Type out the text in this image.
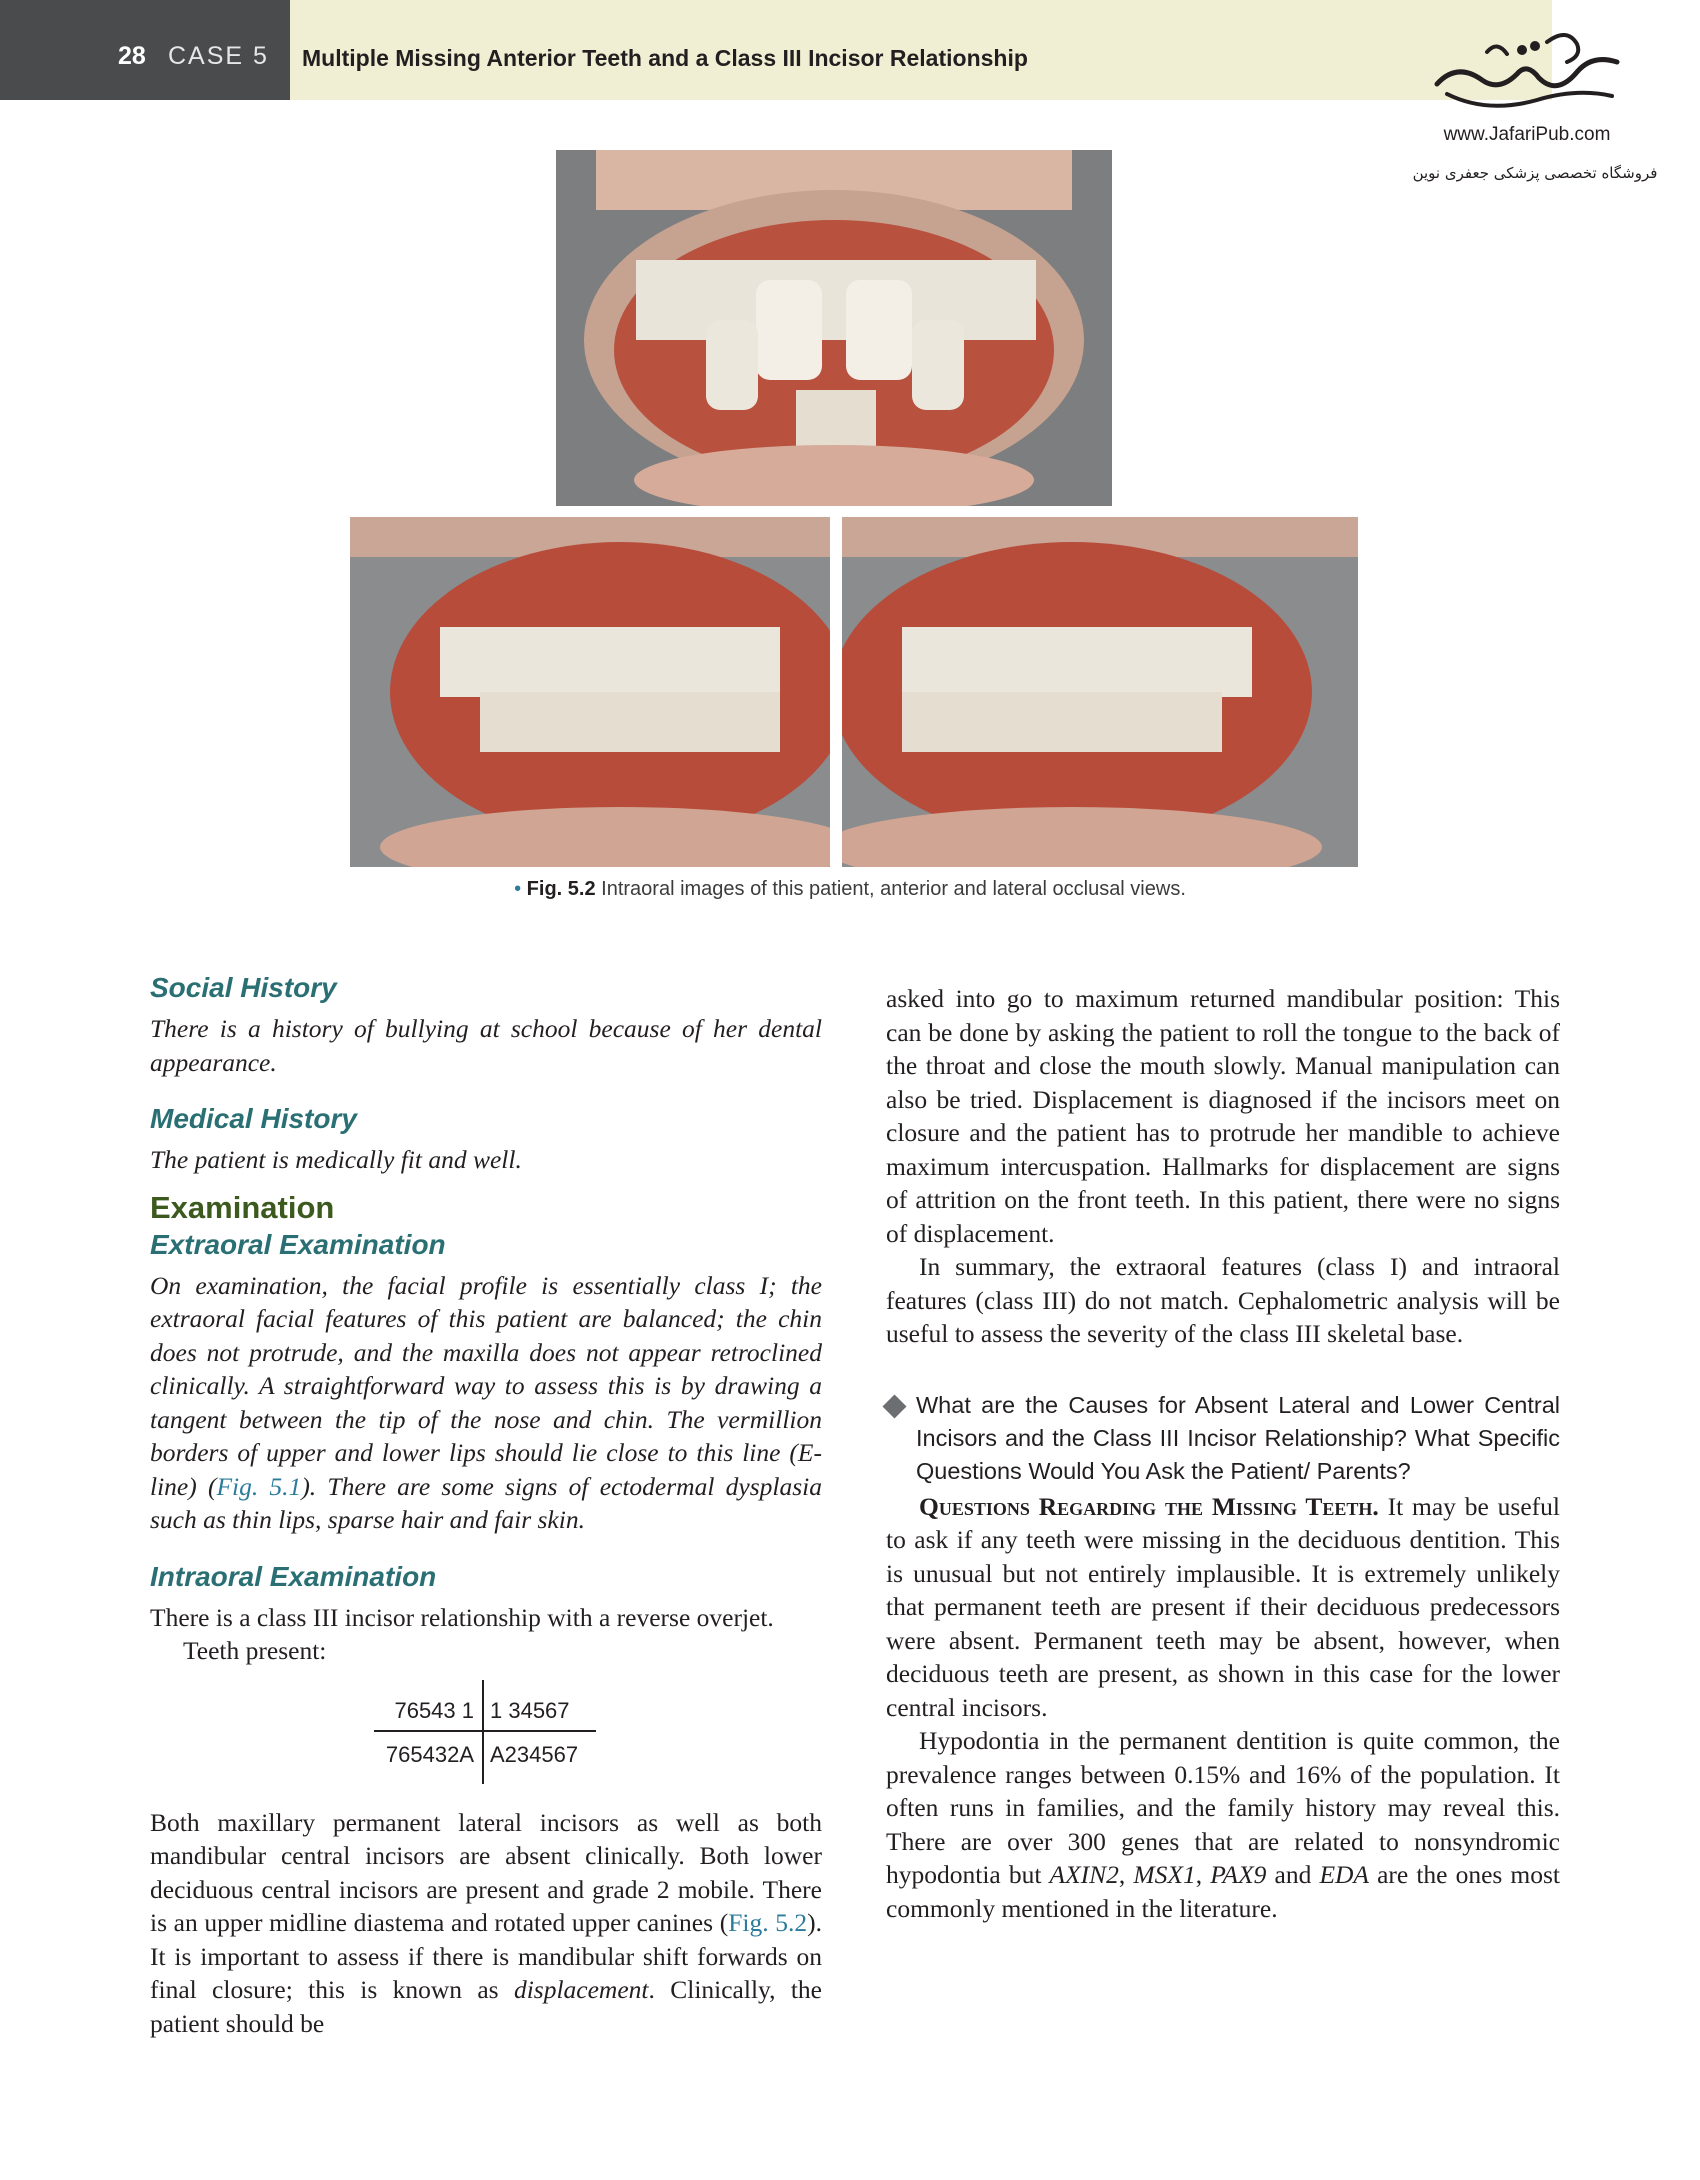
28 CASE 5 Multiple Missing Anterior Teeth and a Class III Incisor Relationship
www.JafariPub.com
فروشگاه تخصصی پزشکی جعفری نوین
• Fig. 5.2 Intraoral images of this patient, anterior and lateral occlusal views.
Social History

There is a history of bullying at school because of her dental appearance.

Medical History

The patient is medically fit and well.

Examination
Extraoral Examination

On examination, the facial profile is essentially class I; the extraoral facial features of this patient are balanced; the chin does not protrude, and the maxilla does not appear retroclined clinically. A straightforward way to assess this is by drawing a tangent between the tip of the nose and chin. The vermillion borders of upper and lower lips should lie close to this line (E-line) (Fig. 5.1). There are some signs of ectodermal dysplasia such as thin lips, sparse hair and fair skin.

Intraoral Examination

There is a class III incisor relationship with a reverse overjet.

Teeth present:

76543 1 1 34567
765432A A234567

Both maxillary permanent lateral incisors as well as both mandibular central incisors are absent clinically. Both lower deciduous central incisors are present and grade 2 mobile. There is an upper midline diastema and rotated upper canines (Fig. 5.2). It is important to assess if there is mandibular shift forwards on final closure; this is known as displacement. Clinically, the patient should be

asked into go to maximum returned mandibular position: This can be done by asking the patient to roll the tongue to the back of the throat and close the mouth slowly. Manual manipulation can also be tried. Displacement is diagnosed if the incisors meet on closure and the patient has to protrude her mandible to achieve maximum intercuspation. Hallmarks for displacement are signs of attrition on the front teeth. In this patient, there were no signs of displacement.

In summary, the extraoral features (class I) and intraoral features (class III) do not match. Cephalometric analysis will be useful to assess the severity of the class III skeletal base.

What are the Causes for Absent Lateral and Lower Central Incisors and the Class III Incisor Relationship? What Specific Questions Would You Ask the Patient/ Parents?

Questions Regarding the Missing Teeth. It may be useful to ask if any teeth were missing in the deciduous dentition. This is unusual but not entirely implausible. It is extremely unlikely that permanent teeth are present if their deciduous predecessors were absent. Permanent teeth may be absent, however, when deciduous teeth are present, as shown in this case for the lower central incisors.

Hypodontia in the permanent dentition is quite common, the prevalence ranges between 0.15% and 16% of the population. It often runs in families, and the family history may reveal this. There are over 300 genes that are related to nonsyndromic hypodontia but AXIN2, MSX1, PAX9 and EDA are the ones most commonly mentioned in the literature.
